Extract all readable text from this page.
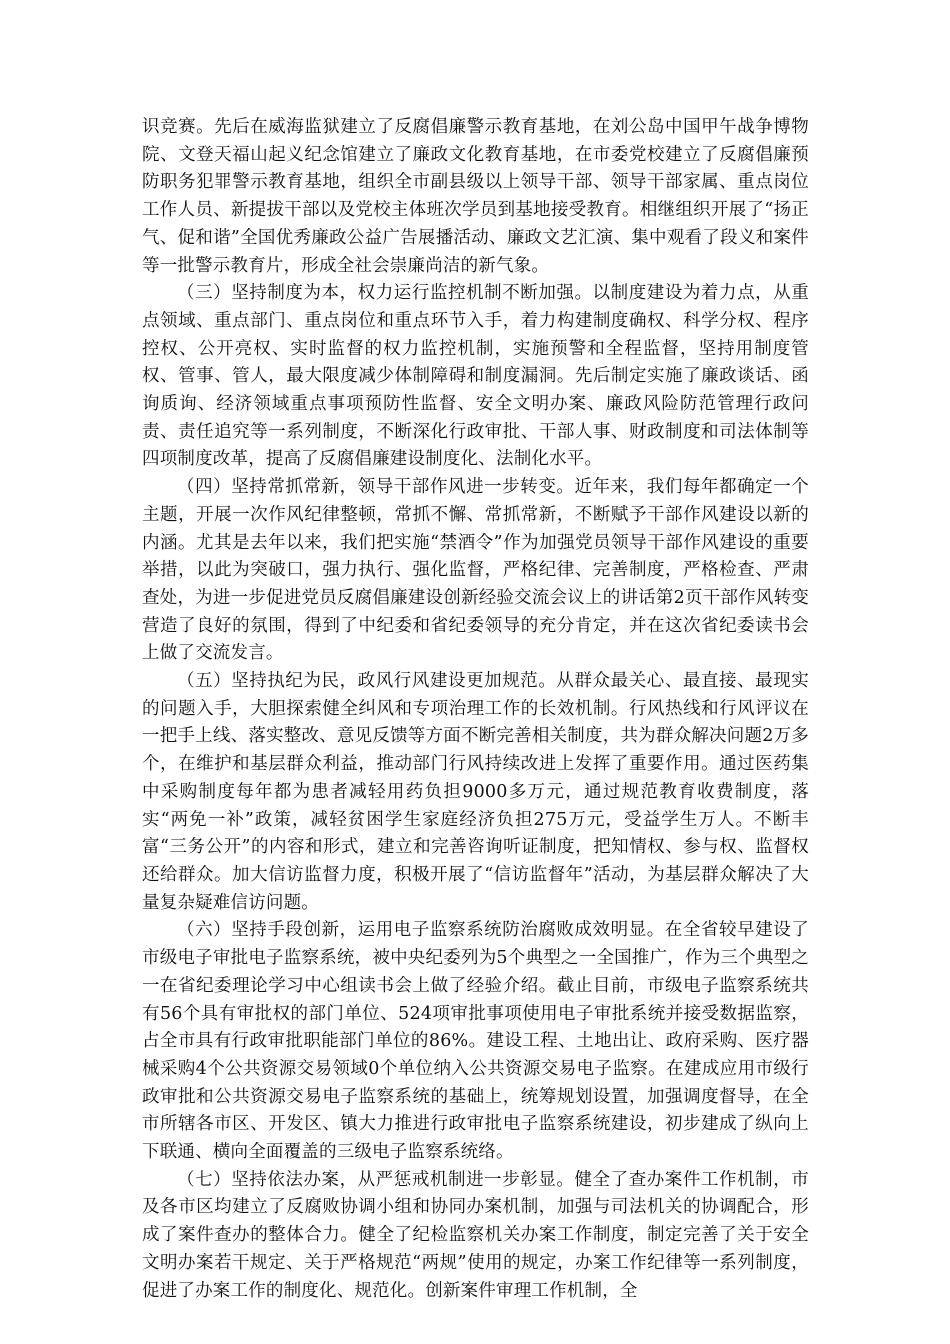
识竞赛。先后在威海监狱建立了反腐倡廉警示教育基地，在刘公岛中国甲午战争博物院、文登天福山起义纪念馆建立了廉政文化教育基地，在市委党校建立了反腐倡廉预防职务犯罪警示教育基地，组织全市副县级以上领导干部、领导干部家属、重点岗位工作人员、新提拔干部以及党校主体班次学员到基地接受教育。相继组织开展了“扬正气、促和谐”全国优秀廉政公益广告展播活动、廉政文艺汇演、集中观看了段义和案件等一批警示教育片，形成全社会崇廉尚洁的新气象。

（三）坚持制度为本，权力运行监控机制不断加强。以制度建设为着力点，从重点领域、重点部门、重点岗位和重点环节入手，着力构建制度确权、科学分权、程序控权、公开亮权、实时监督的权力监控机制，实施预警和全程监督，坚持用制度管权、管事、管人，最大限度减少体制障碍和制度漏洞。先后制定实施了廉政谈话、函询质询、经济领域重点事项预防性监督、安全文明办案、廉政风险防范管理行政问责、责任追究等一系列制度，不断深化行政审批、干部人事、财政制度和司法体制等四项制度改革，提高了反腐倡廉建设制度化、法制化水平。

（四）坚持常抓常新，领导干部作风进一步转变。近年来，我们每年都确定一个主题，开展一次作风纪律整顿，常抓不懈、常抓常新，不断赋予干部作风建设以新的内涵。尤其是去年以来，我们把实施“禁酒令”作为加强党员领导干部作风建设的重要举措，以此为突破口，强力执行、强化监督，严格纪律、完善制度，严格检查、严肃查处，为进一步促进党员反腐倡廉建设创新经验交流会议上的讲话第2页干部作风转变营造了良好的氛围，得到了中纪委和省纪委领导的充分肯定，并在这次省纪委读书会上做了交流发言。

（五）坚持执纪为民，政风行风建设更加规范。从群众最关心、最直接、最现实的问题入手，大胆探索健全纠风和专项治理工作的长效机制。行风热线和行风评议在一把手上线、落实整改、意见反馈等方面不断完善相关制度，共为群众解决问题2万多个，在维护和基层群众利益，推动部门行风持续改进上发挥了重要作用。通过医药集中采购制度每年都为患者减轻用药负担9000多万元，通过规范教育收费制度，落实“两免一补”政策，减轻贫困学生家庭经济负担275万元，受益学生万人。不断丰富“三务公开”的内容和形式，建立和完善咨询听证制度，把知情权、参与权、监督权还给群众。加大信访监督力度，积极开展了“信访监督年”活动，为基层群众解决了大量复杂疑难信访问题。

（六）坚持手段创新，运用电子监察系统防治腐败成效明显。在全省较早建设了市级电子审批电子监察系统，被中央纪委列为5个典型之一全国推广，作为三个典型之一在省纪委理论学习中心组读书会上做了经验介绍。截止目前，市级电子监察系统共有56个具有审批权的部门单位、524项审批事项使用电子审批系统并接受数据监察，占全市具有行政审批职能部门单位的86%。建设工程、土地出让、政府采购、医疗器械采购4个公共资源交易领域0个单位纳入公共资源交易电子监察。在建成应用市级行政审批和公共资源交易电子监察系统的基础上，统筹规划设置，加强调度督导，在全市所辖各市区、开发区、镇大力推进行政审批电子监察系统建设，初步建成了纵向上下联通、横向全面覆盖的三级电子监察系统络。

（七）坚持依法办案，从严惩戒机制进一步彰显。健全了查办案件工作机制，市及各市区均建立了反腐败协调小组和协同办案机制，加强与司法机关的协调配合，形成了案件查办的整体合力。健全了纪检监察机关办案工作制度，制定完善了关于安全文明办案若干规定、关于严格规范“两规”使用的规定，办案工作纪律等一系列制度，促进了办案工作的制度化、规范化。创新案件审理工作机制，全
